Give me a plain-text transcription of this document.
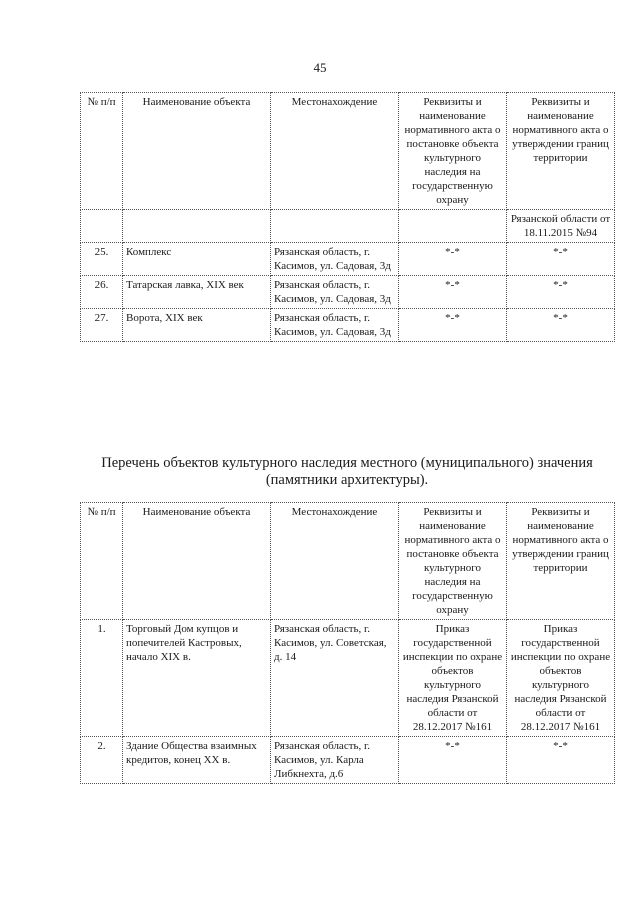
45
№ п/п	Наименование объекта	Местонахождение	Реквизиты и наименование нормативного акта о постановке объекта культурного наследия на государственную охрану	Реквизиты и наименование нормативного акта о утверждении границ территории
				Рязанской области от 18.11.2015 №94
25.	Комплекс	Рязанская область, г. Касимов, ул. Садовая, 3д	*-*	*-*
26.	Татарская лавка, XIX век	Рязанская область, г. Касимов, ул. Садовая, 3д	*-*	*-*
27.	Ворота, XIX век	Рязанская область, г. Касимов, ул. Садовая, 3д	*-*	*-*
Перечень объектов культурного наследия местного (муниципального) значения (памятники архитектуры).
№ п/п	Наименование объекта	Местонахождение	Реквизиты и наименование нормативного акта о постановке объекта культурного наследия на государственную охрану	Реквизиты и наименование нормативного акта о утверждении границ территории
1.	Торговый Дом купцов и попечителей Кастровых, начало XIX в.	Рязанская область, г. Касимов, ул. Советская, д. 14	Приказ государственной инспекции по охране объектов культурного наследия Рязанской области от 28.12.2017 №161	Приказ государственной инспекции по охране объектов культурного наследия Рязанской области от 28.12.2017 №161
2.	Здание Общества взаимных кредитов, конец XX в.	Рязанская область, г. Касимов, ул. Карла Либкнехта, д.6	*-*	*-*
